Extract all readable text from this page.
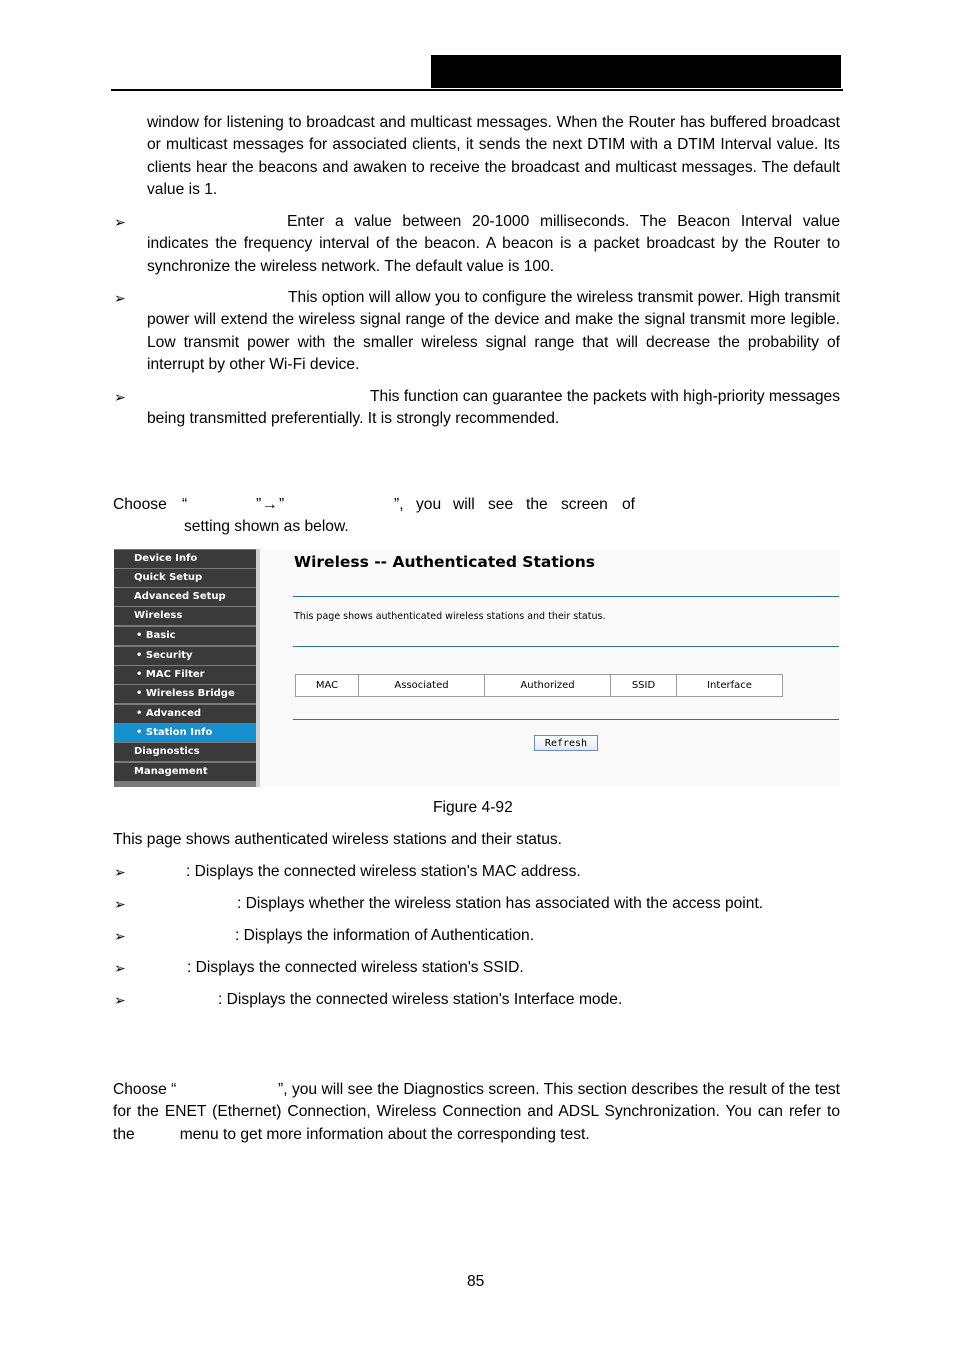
window for listening to broadcast and multicast messages. When the Router has buffered broadcast or multicast messages for associated clients, it sends the next DTIM with a DTIM Interval value. Its clients hear the beacons and awaken to receive the broadcast and multicast messages. The default value is 1.

➢	Enter a value between 20-1000 milliseconds. The Beacon Interval value indicates the frequency interval of the beacon. A beacon is a packet broadcast by the Router to synchronize the wireless network. The default value is 100.

➢	This option will allow you to configure the wireless transmit power. High transmit power will extend the wireless signal range of the device and make the signal transmit more legible. Low transmit power with the smaller wireless signal range that will decrease the probability of interrupt by other Wi-Fi device.

➢	This function can guarantee the packets with high-priority messages being transmitted preferentially. It is strongly recommended.

Choose “	” → ”	”, you will see the screen of
setting shown as below.
Device Info
Quick Setup
Advanced Setup
Wireless
• Basic
• Security
• MAC Filter
• Wireless Bridge
• Advanced
• Station Info
Diagnostics
Management
Wireless -- Authenticated Stations
This page shows authenticated wireless stations and their status.
MAC	Associated	Authorized	SSID	Interface
Refresh
Figure 4-92
This page shows authenticated wireless stations and their status.
➢	: Displays the connected wireless station's MAC address.
➢	: Displays whether the wireless station has associated with the access point.
➢	: Displays the information of Authentication.
➢	: Displays the connected wireless station's SSID.
➢	: Displays the connected wireless station's Interface mode.
Choose “	”, you will see the Diagnostics screen. This section describes the result of the test for the ENET (Ethernet) Connection, Wireless Connection and ADSL Synchronization. You can refer to the	menu to get more information about the corresponding test.

85
